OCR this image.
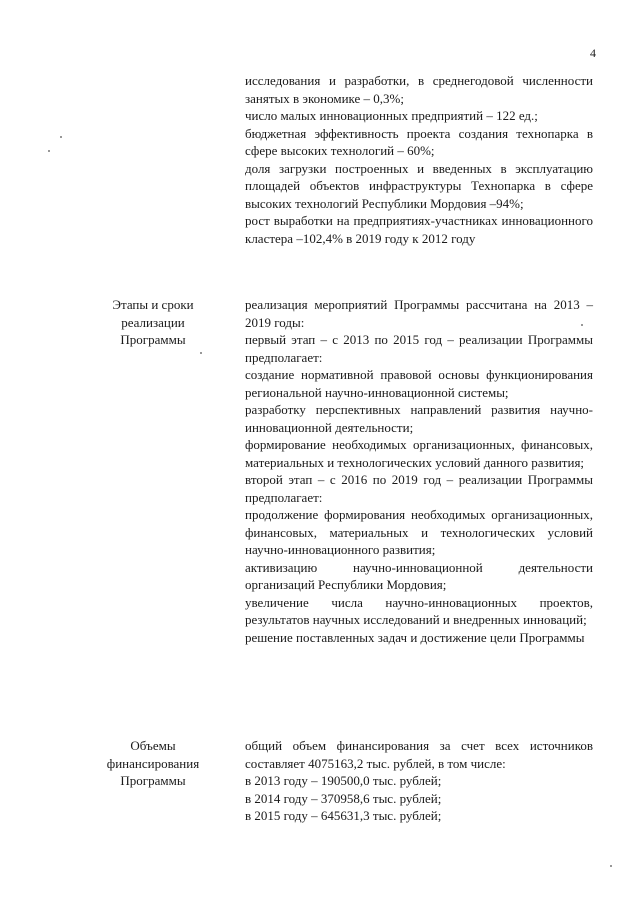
4

исследования и разработки, в среднегодовой численности занятых в экономике – 0,3%;

число малых инновационных предприятий – 122 ед.;

бюджетная эффективность проекта создания технопарка в сфере высоких технологий – 60%;

доля загрузки построенных и введенных в эксплуатацию площадей объектов инфраструктуры Технопарка в сфере высоких технологий Республики Мордовия –94%;

рост выработки на предприятиях-участниках инновационного кластера –102,4% в 2019 году к 2012 году

Этапы и сроки реализации Программы

реализация мероприятий Программы рассчитана на 2013 – 2019 годы:

первый этап – с 2013 по 2015 год – реализации Программы предполагает:

создание нормативной правовой основы функционирования региональной научно-инновационной системы;

разработку перспективных направлений развития научно-инновационной деятельности;

формирование необходимых организационных, финансовых, материальных и технологических условий данного развития;

второй этап – с 2016 по 2019 год – реализации Программы предполагает:

продолжение формирования необходимых организационных, финансовых, материальных и технологических условий научно-инновационного развития;

активизацию научно-инновационной деятельности организаций Республики Мордовия;

увеличение числа научно-инновационных проектов, результатов научных исследований и внедренных инноваций;

решение поставленных задач и достижение цели Программы

Объемы финансирования Программы

общий объем финансирования за счет всех источников составляет 4075163,2 тыс. рублей, в том числе:

в 2013 году – 190500,0 тыс. рублей;

в 2014 году – 370958,6 тыс. рублей;

в 2015 году – 645631,3 тыс. рублей;
